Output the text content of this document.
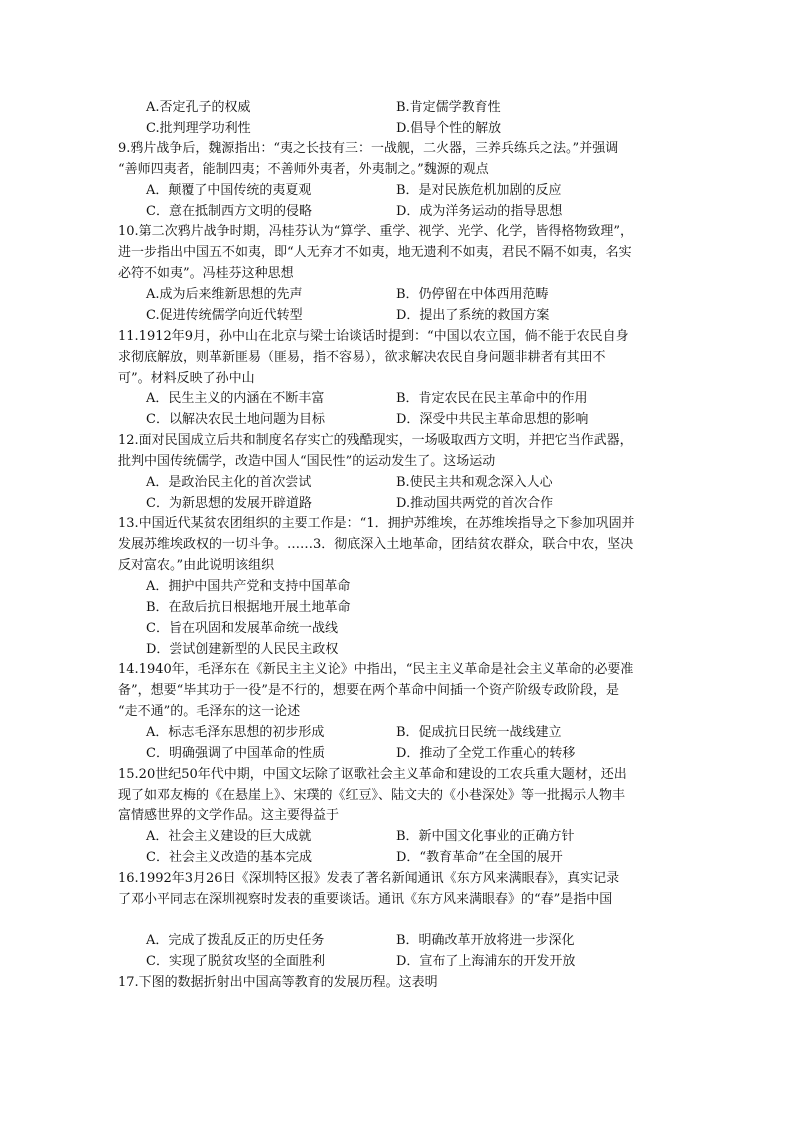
A.否定孔子的权威	B.肯定儒学教育性
C.批判理学功利性	D.倡导个性的解放
9.鸦片战争后，魏源指出：“夷之长技有三：一战舰，二火器，三养兵练兵之法。”并强调
“善师四夷者，能制四夷；不善师外夷者，外夷制之。”魏源的观点
A．颠覆了中国传统的夷夏观	B．是对民族危机加剧的反应
C．意在抵制西方文明的侵略	D．成为洋务运动的指导思想
10.第二次鸦片战争时期，冯桂芬认为“算学、重学、视学、光学、化学，皆得格物致理”，
进一步指出中国五不如夷，即“人无弃才不如夷，地无遗利不如夷，君民不隔不如夷，名实
必符不如夷”。冯桂芬这种思想
A.成为后来维新思想的先声	B．仍停留在中体西用范畴
C.促进传统儒学向近代转型	D．提出了系统的救国方案
11.1912年9月，孙中山在北京与梁士诒谈话时提到：“中国以农立国，倘不能于农民自身
求彻底解放，则革新匪易（匪易，指不容易），欲求解决农民自身问题非耕者有其田不
可”。材料反映了孙中山
A．民生主义的内涵在不断丰富	B．肯定农民在民主革命中的作用
C．以解决农民土地问题为目标	D．深受中共民主革命思想的影响
12.面对民国成立后共和制度名存实亡的残酷现实，一场吸取西方文明，并把它当作武器，
批判中国传统儒学，改造中国人“国民性”的运动发生了。这场运动
A．是政治民主化的首次尝试	B.使民主共和观念深入人心
C．为新思想的发展开辟道路	D.推动国共两党的首次合作
13.中国近代某贫农团组织的主要工作是：“1．拥护苏维埃，在苏维埃指导之下参加巩固并
发展苏维埃政权的一切斗争。……3．彻底深入土地革命，团结贫农群众，联合中农，坚决
反对富农。”由此说明该组织
A．拥护中国共产党和支持中国革命
B．在敌后抗日根据地开展土地革命
C．旨在巩固和发展革命统一战线
D．尝试创建新型的人民民主政权
14.1940年，毛泽东在《新民主主义论》中指出，“民主主义革命是社会主义革命的必要准
备”，想要“毕其功于一役”是不行的，想要在两个革命中间插一个资产阶级专政阶段，是
“走不通”的。毛泽东的这一论述
A．标志毛泽东思想的初步形成	B．促成抗日民统一战线建立
C．明确强调了中国革命的性质	D．推动了全党工作重心的转移
15.20世纪50年代中期，中国文坛除了讴歌社会主义革命和建设的工农兵重大题材，还出
现了如邓友梅的《在悬崖上》、宋璞的《红豆》、陆文夫的《小巷深处》等一批揭示人物丰
富情感世界的文学作品。这主要得益于
A．社会主义建设的巨大成就	B．新中国文化事业的正确方针
C．社会主义改造的基本完成	D．“教育革命”在全国的展开
16.1992年3月26日《深圳特区报》发表了著名新闻通讯《东方风来满眼春》，真实记录
了邓小平同志在深圳视察时发表的重要谈话。通讯《东方风来满眼春》的“春”是指中国
A．完成了拨乱反正的历史任务	B．明确改革开放将进一步深化
C．实现了脱贫攻坚的全面胜利	D．宣布了上海浦东的开发开放
17.下图的数据折射出中国高等教育的发展历程。这表明
